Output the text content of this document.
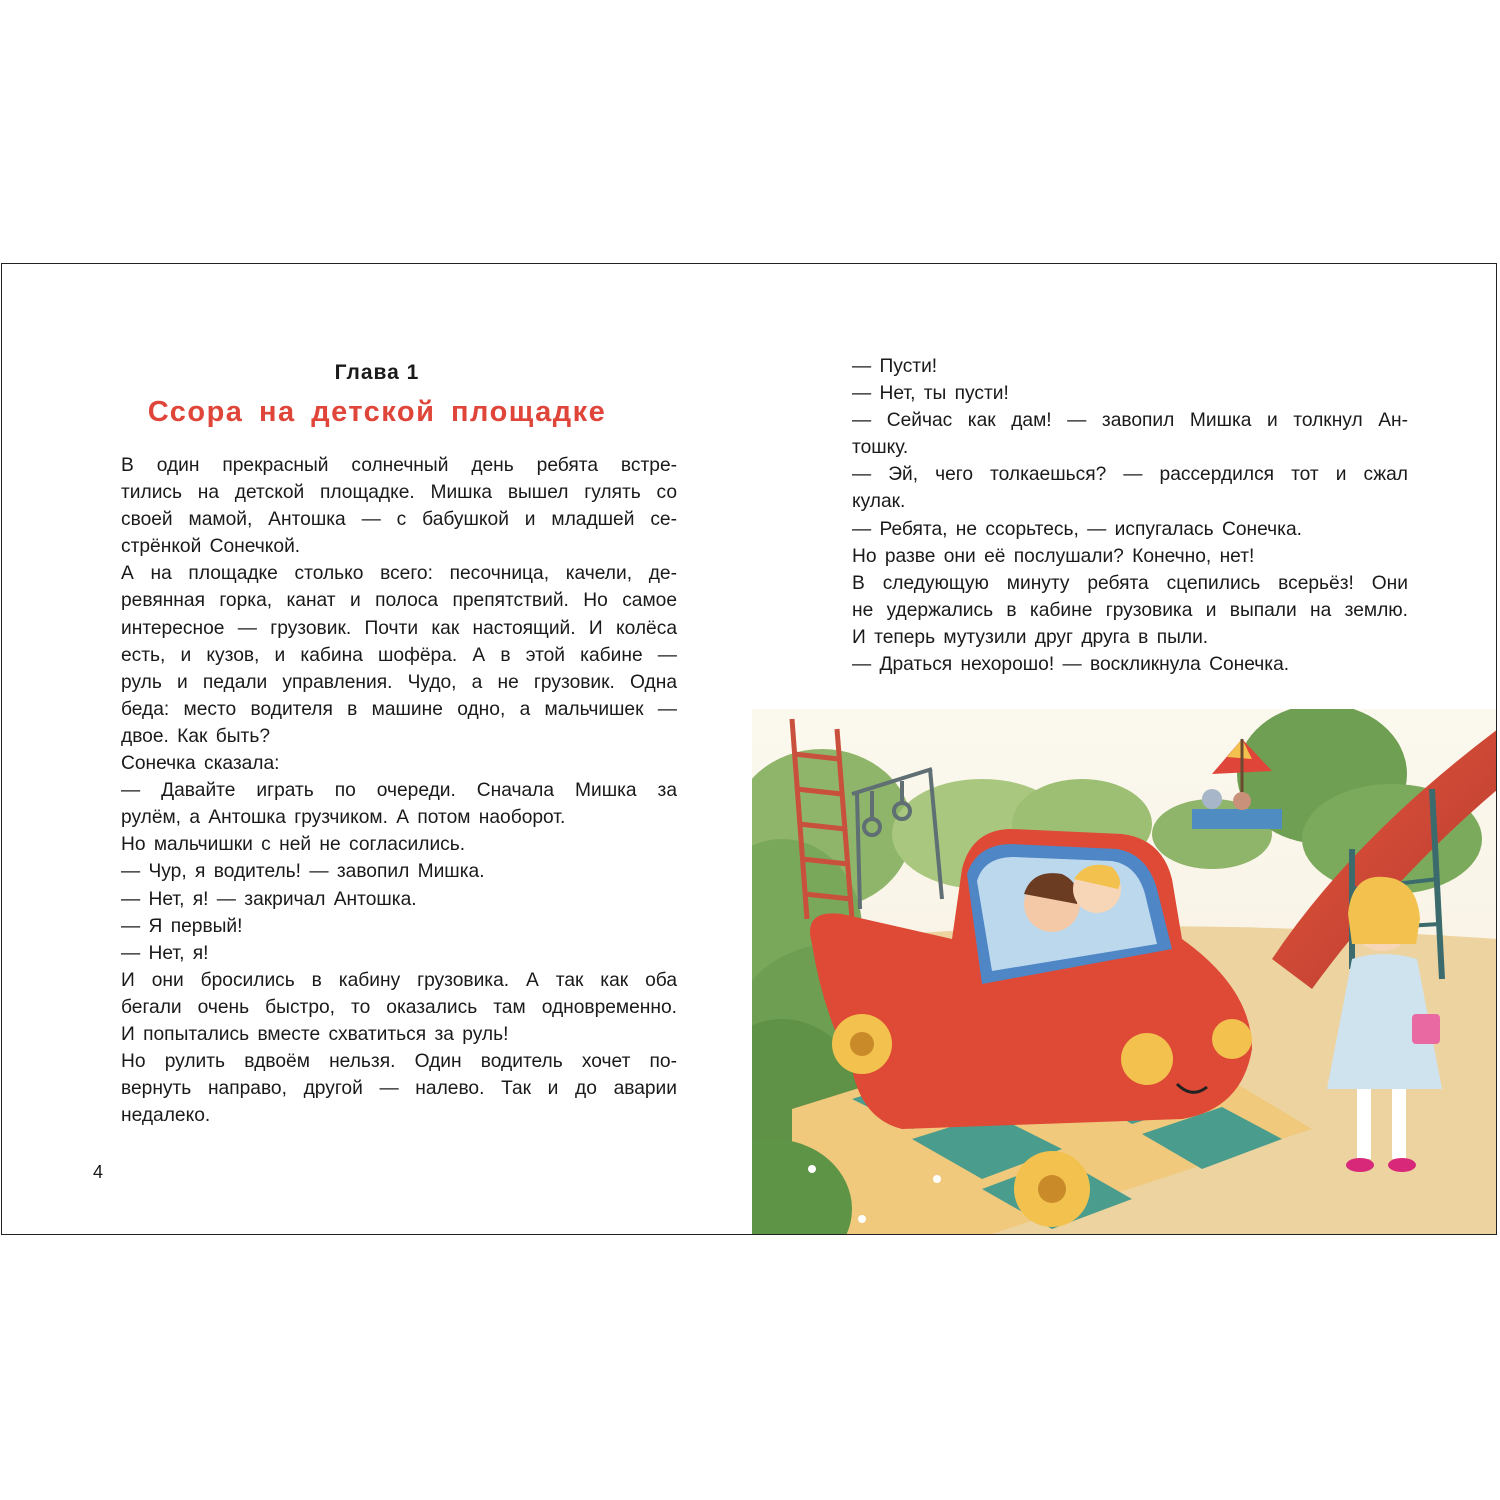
Глава 1
Ссора на детской площадке
В один прекрасный солнечный день ребята встре-
тились на детской площадке. Мишка вышел гулять со
своей мамой, Антошка — с бабушкой и младшей се-
стрёнкой Сонечкой.
А на площадке столько всего: песочница, качели, де-
ревянная горка, канат и полоса препятствий. Но самое
интересное — грузовик. Почти как настоящий. И колёса
есть, и кузов, и кабина шофёра. А в этой кабине —
руль и педали управления. Чудо, а не грузовик. Одна
беда: место водителя в машине одно, а мальчишек —
двое. Как быть?
Сонечка сказала:
— Давайте играть по очереди. Сначала Мишка за
рулём, а Антошка грузчиком. А потом наоборот.
Но мальчишки с ней не согласились.
— Чур, я водитель! — завопил Мишка.
— Нет, я! — закричал Антошка.
— Я первый!
— Нет, я!
И они бросились в кабину грузовика. А так как оба
бегали очень быстро, то оказались там одновременно.
И попытались вместе схватиться за руль!
Но рулить вдвоём нельзя. Один водитель хочет по-
вернуть направо, другой — налево. Так и до аварии
недалеко.
4
— Пусти!
— Нет, ты пусти!
— Сейчас как дам! — завопил Мишка и толкнул Ан-
тошку.
— Эй, чего толкаешься? — рассердился тот и сжал
кулак.
— Ребята, не ссорьтесь, — испугалась Сонечка.
Но разве они её послушали? Конечно, нет!
В следующую минуту ребята сцепились всерьёз! Они
не удержались в кабине грузовика и выпали на землю.
И теперь мутузили друг друга в пыли.
— Драться нехорошо! — воскликнула Сонечка.
